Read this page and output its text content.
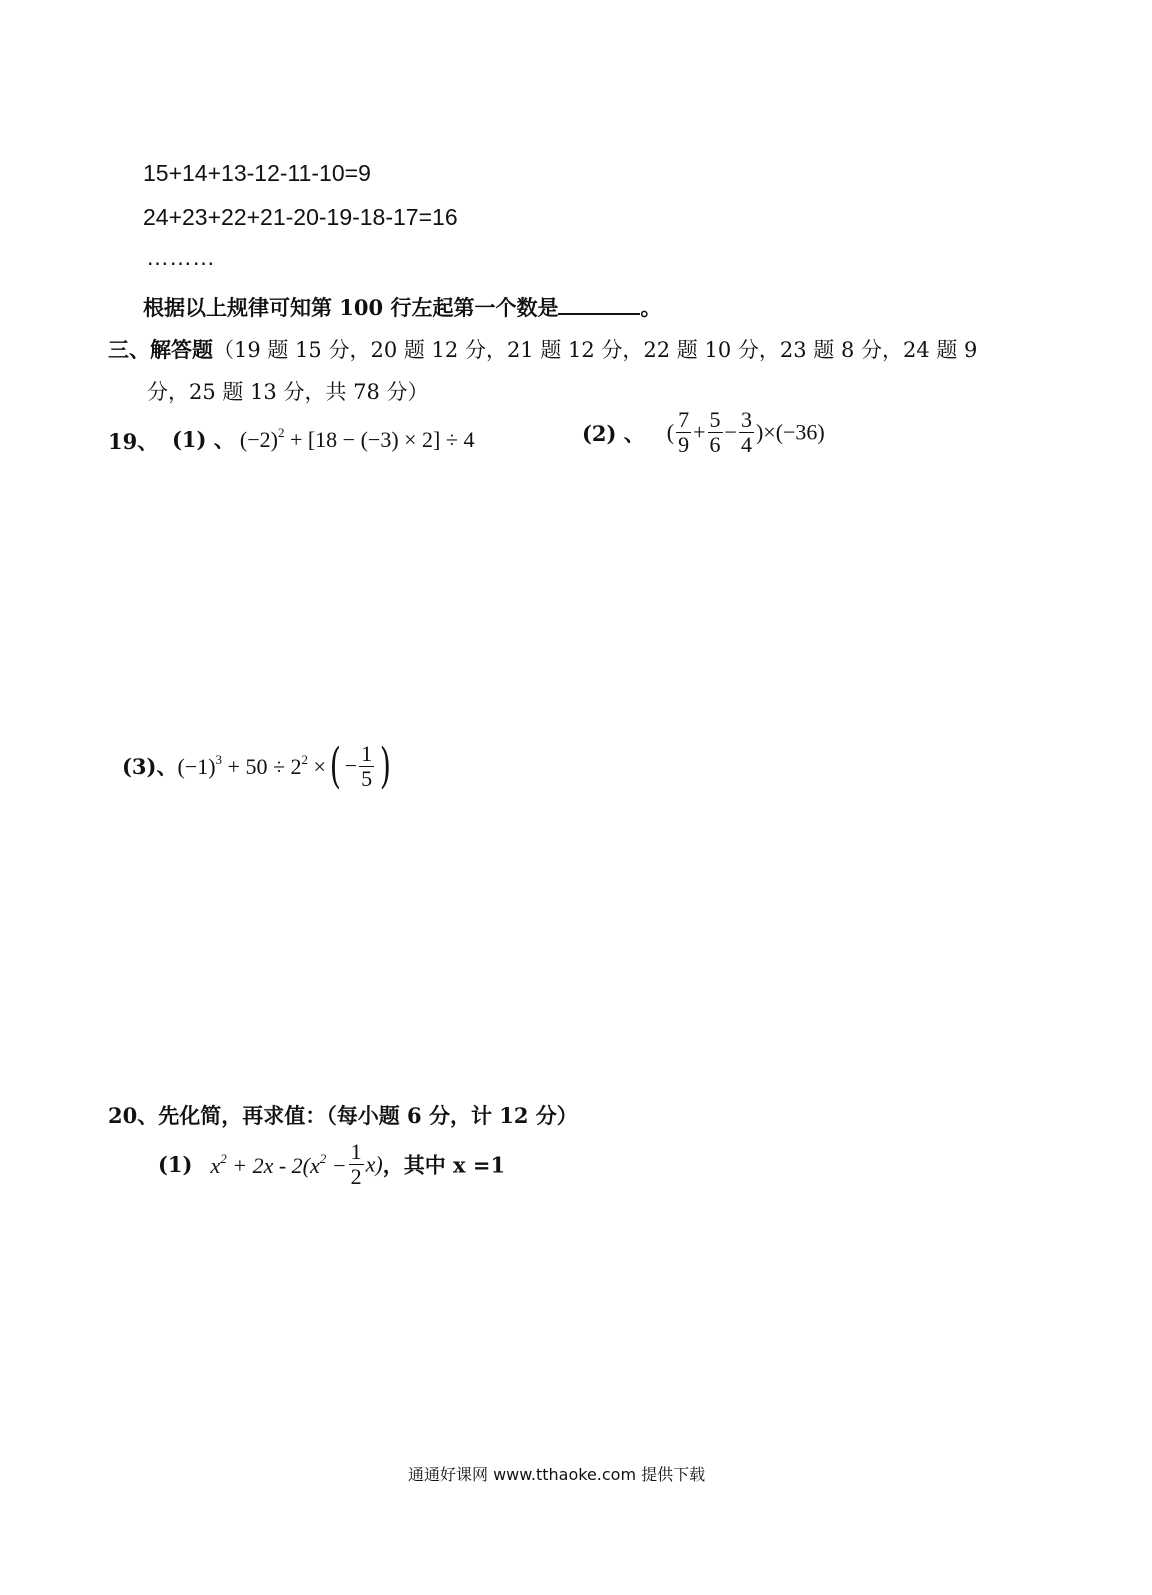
15+14+13-12-11-10=9
24+23+22+21-20-19-18-17=16
………
根据以上规律可知第 100 行左起第一个数是	。
三、解答题（19 题 15 分，20 题 12 分，21 题 12 分，22 题 10 分，23 题 8 分，24 题 9
分，25 题 13 分，共 78 分）
19、 (1) 、 $(-2)^2 + [18 - (-3) \times 2] \div 4$	(2) 、 ( $\frac{7}{9} + \frac{5}{6} - \frac{3}{4} )\times(-36)$
(3)、$(-1)^3 + 50 \div 2^2$ ×( − $\frac{1}{5}$ )
20、先化简，再求值：（每小题 6 分，计 12 分）
(1) $x^2 + 2x - 2(x^2 - \frac{1}{2} x)$，其中 x =1
通通好课网 www.tthaoke.com 提供下载
